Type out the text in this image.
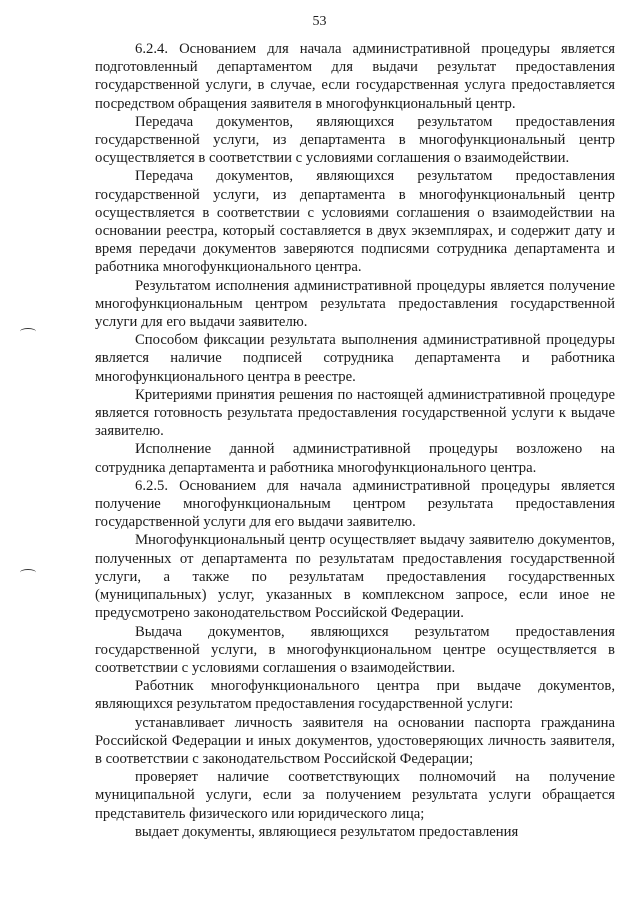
53

6.2.4. Основанием для начала административной процедуры является подготовленный департаментом для выдачи результат предоставления государственной услуги, в случае, если государственная услуга предоставляется посредством обращения заявителя в многофункциональный центр.

Передача документов, являющихся результатом предоставления государственной услуги, из департамента в многофункциональный центр осуществляется в соответствии с условиями соглашения о взаимодействии.

Передача документов, являющихся результатом предоставления государственной услуги, из департамента в многофункциональный центр осуществляется в соответствии с условиями соглашения о взаимодействии на основании реестра, который составляется в двух экземплярах, и содержит дату и время передачи документов заверяются подписями сотрудника департамента и работника многофункционального центра.

Результатом исполнения административной процедуры является получение многофункциональным центром результата предоставления государственной услуги для его выдачи заявителю.

Способом фиксации результата выполнения административной процедуры является наличие подписей сотрудника департамента и работника многофункционального центра в реестре.

Критериями принятия решения по настоящей административной процедуре является готовность результата предоставления государственной услуги к выдаче заявителю.

Исполнение данной административной процедуры возложено на сотрудника департамента и работника многофункционального центра.

6.2.5. Основанием для начала административной процедуры является получение многофункциональным центром результата предоставления государственной услуги для его выдачи заявителю.

Многофункциональный центр осуществляет выдачу заявителю документов, полученных от департамента по результатам предоставления государственной услуги, а также по результатам предоставления государственных (муниципальных) услуг, указанных в комплексном запросе, если иное не предусмотрено законодательством Российской Федерации.

Выдача документов, являющихся результатом предоставления государственной услуги, в многофункциональном центре осуществляется в соответствии с условиями соглашения о взаимодействии.

Работник многофункционального центра при выдаче документов, являющихся результатом предоставления государственной услуги:

устанавливает личность заявителя на основании паспорта гражданина Российской Федерации и иных документов, удостоверяющих личность заявителя, в соответствии с законодательством Российской Федерации;

проверяет наличие соответствующих полномочий на получение муниципальной услуги, если за получением результата услуги обращается представитель физического или юридического лица;

выдает документы, являющиеся результатом предоставления
